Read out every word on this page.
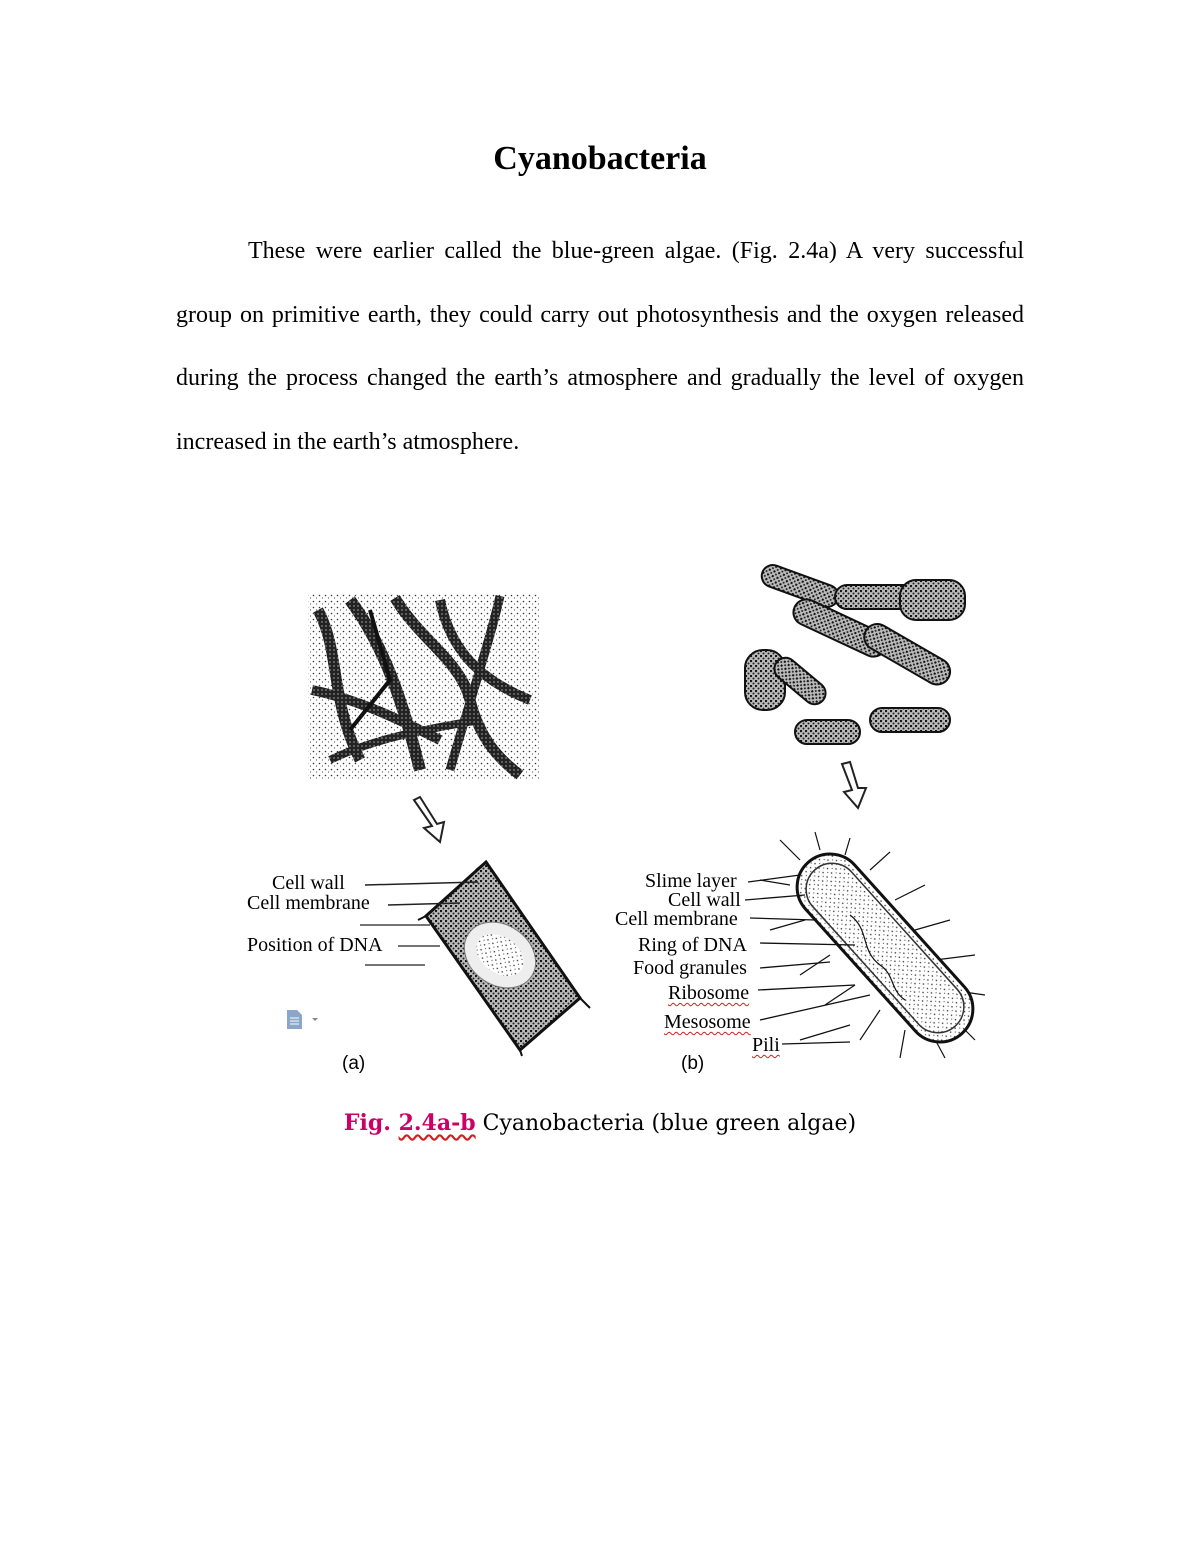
Cyanobacteria

These were earlier called the blue-green algae. (Fig. 2.4a) A very successful group on primitive earth, they could carry out photosynthesis and the oxygen released during the process changed the earth’s atmosphere and gradually the level of oxygen increased in the earth’s atmosphere.

Cell wall
Cell membrane
Position of DNA
(a)
Slime layer
Cell wall
Cell membrane
Ring of DNA
Food granules
Ribosome
Mesosome
Pili
(b)
Fig. 2.4a-b Cyanobacteria (blue green algae)
